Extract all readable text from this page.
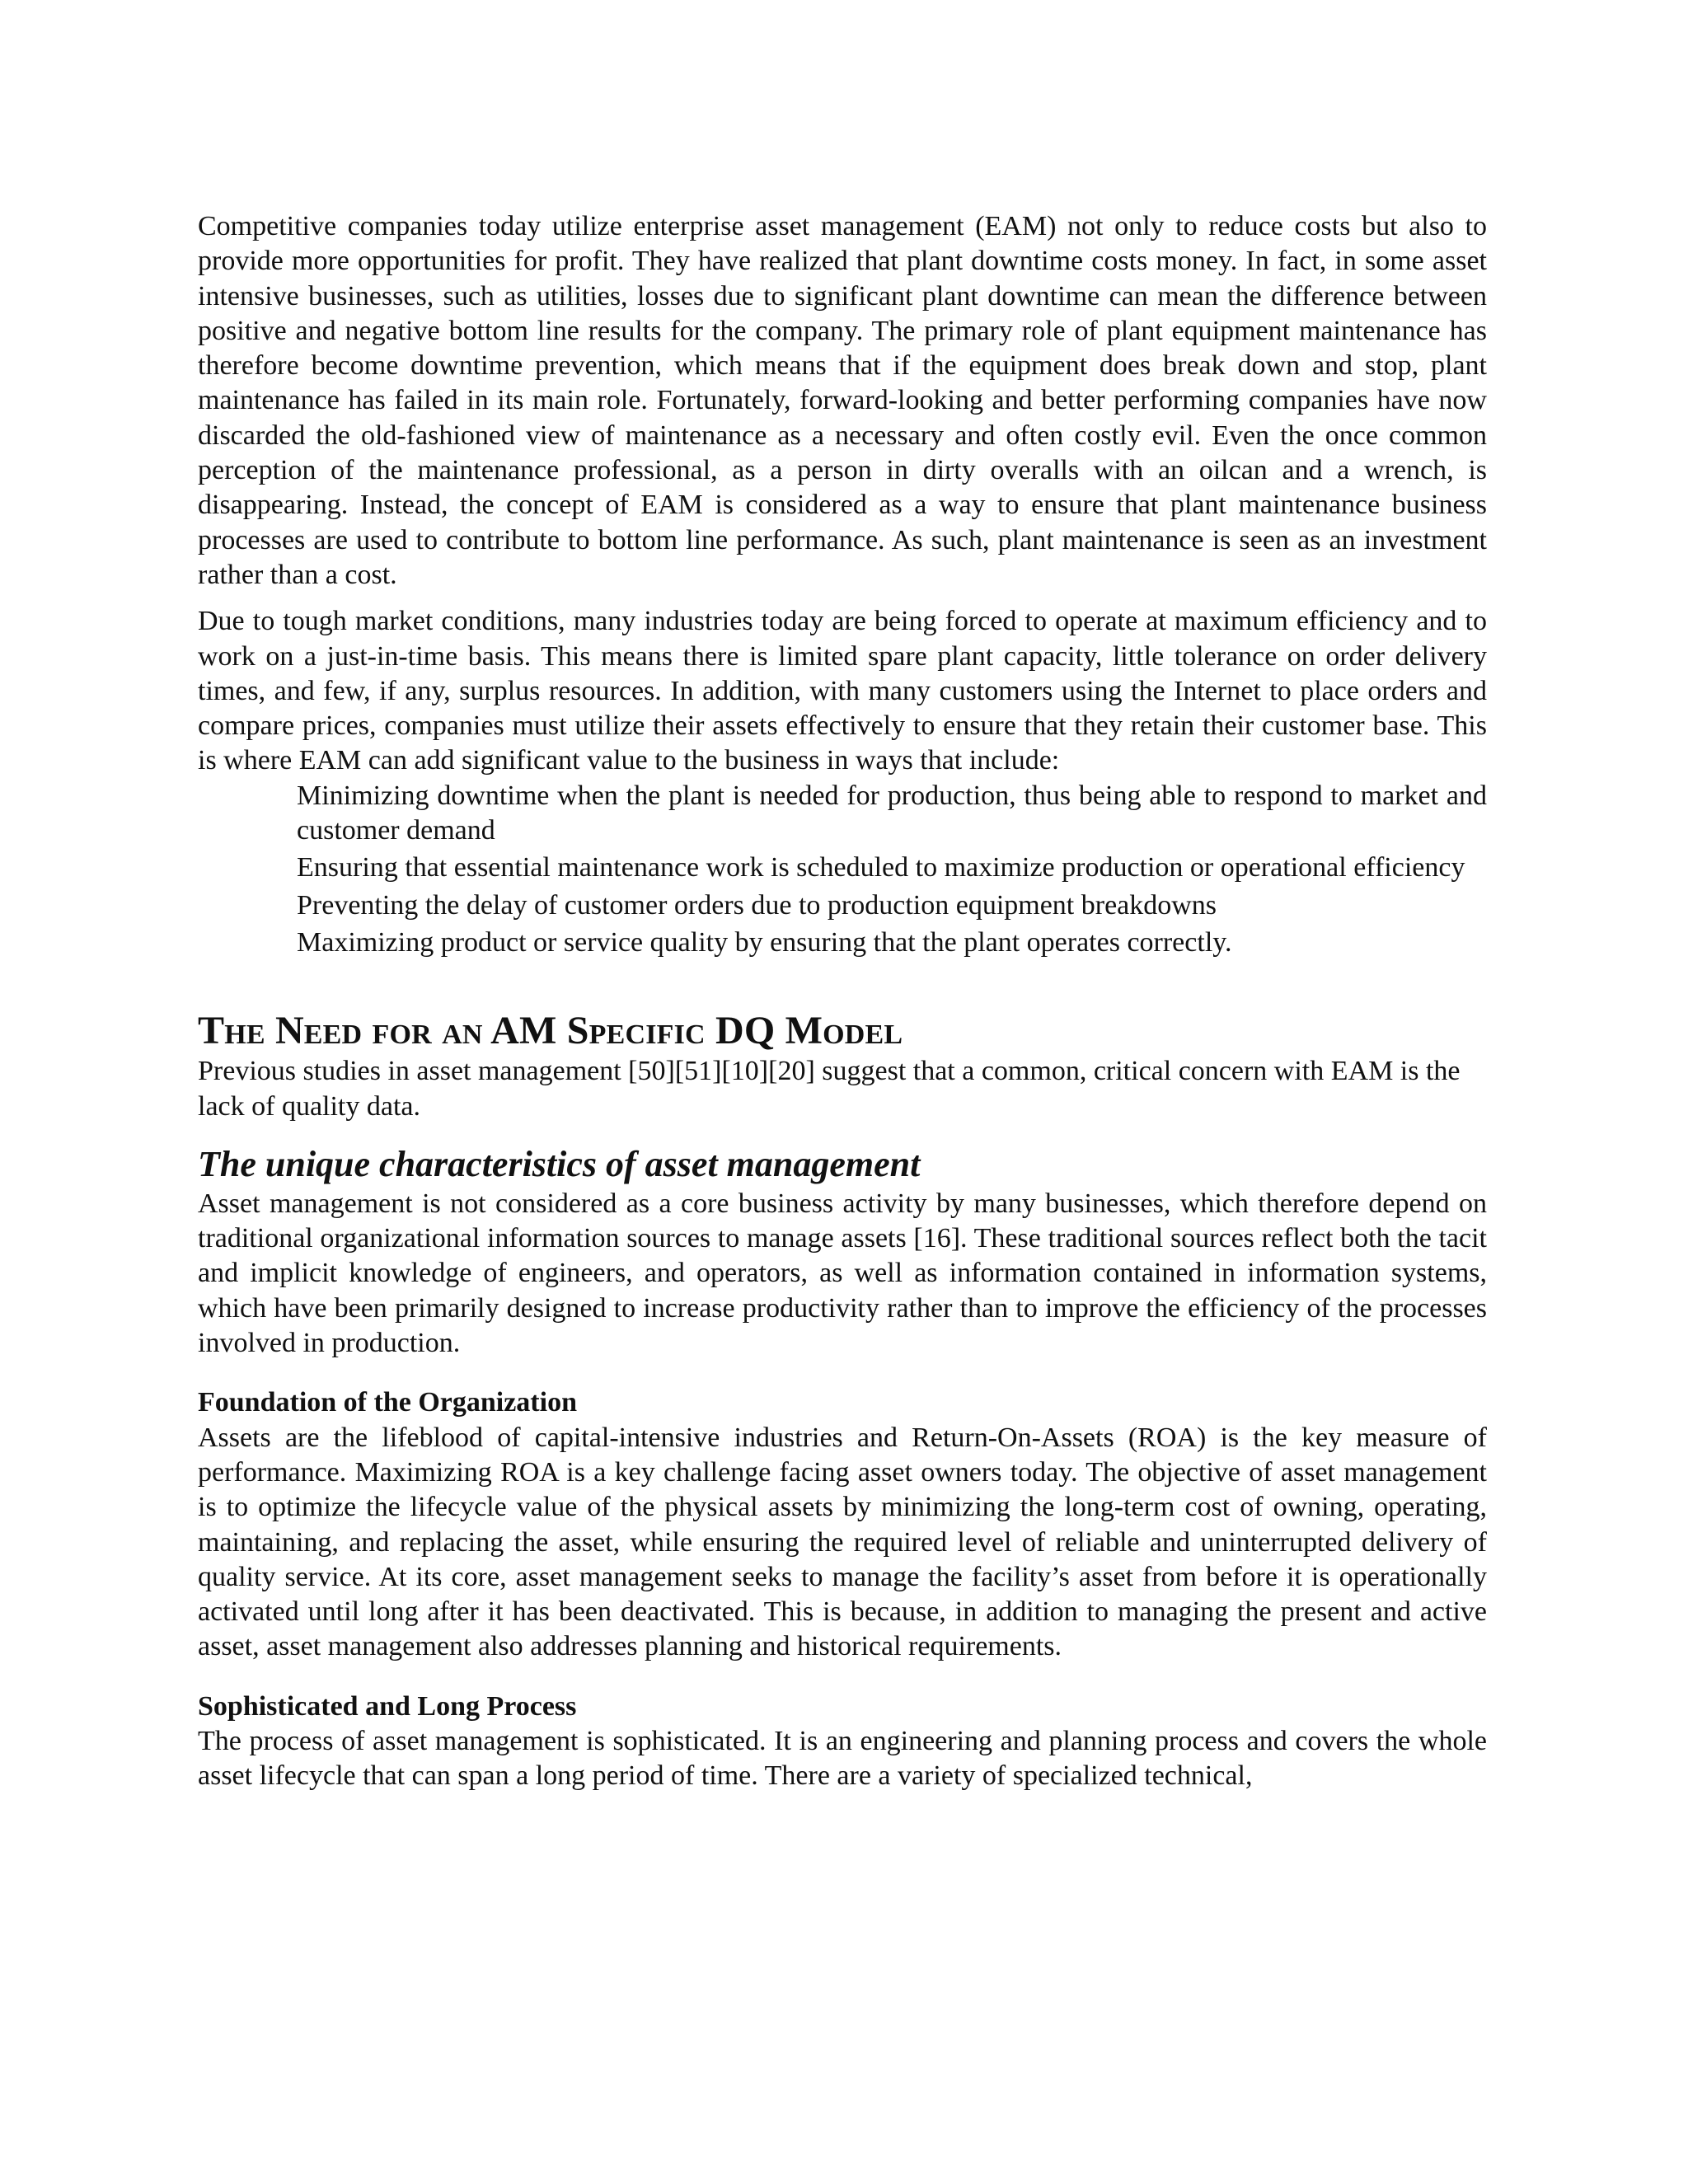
Competitive companies today utilize enterprise asset management (EAM) not only to reduce costs but also to provide more opportunities for profit. They have realized that plant downtime costs money. In fact, in some asset intensive businesses, such as utilities, losses due to significant plant downtime can mean the difference between positive and negative bottom line results for the company. The primary role of plant equipment maintenance has therefore become downtime prevention, which means that if the equipment does break down and stop, plant maintenance has failed in its main role. Fortunately, forward-looking and better performing companies have now discarded the old-fashioned view of maintenance as a necessary and often costly evil. Even the once common perception of the maintenance professional, as a person in dirty overalls with an oilcan and a wrench, is disappearing. Instead, the concept of EAM is considered as a way to ensure that plant maintenance business processes are used to contribute to bottom line performance. As such, plant maintenance is seen as an investment rather than a cost.

Due to tough market conditions, many industries today are being forced to operate at maximum efficiency and to work on a just-in-time basis. This means there is limited spare plant capacity, little tolerance on order delivery times, and few, if any, surplus resources. In addition, with many customers using the Internet to place orders and compare prices, companies must utilize their assets effectively to ensure that they retain their customer base. This is where EAM can add significant value to the business in ways that include:

Minimizing downtime when the plant is needed for production, thus being able to respond to market and customer demand
Ensuring that essential maintenance work is scheduled to maximize production or operational efficiency
Preventing the delay of customer orders due to production equipment breakdowns
Maximizing product or service quality by ensuring that the plant operates correctly.
The Need for an AM Specific DQ Model

Previous studies in asset management [50][51][10][20] suggest that a common, critical concern with EAM is the lack of quality data.

The unique characteristics of asset management

Asset management is not considered as a core business activity by many businesses, which therefore depend on traditional organizational information sources to manage assets [16]. These traditional sources reflect both the tacit and implicit knowledge of engineers, and operators, as well as information contained in information systems, which have been primarily designed to increase productivity rather than to improve the efficiency of the processes involved in production.

Foundation of the Organization

Assets are the lifeblood of capital-intensive industries and Return-On-Assets (ROA) is the key measure of performance. Maximizing ROA is a key challenge facing asset owners today. The objective of asset management is to optimize the lifecycle value of the physical assets by minimizing the long-term cost of owning, operating, maintaining, and replacing the asset, while ensuring the required level of reliable and uninterrupted delivery of quality service. At its core, asset management seeks to manage the facility’s asset from before it is operationally activated until long after it has been deactivated. This is because, in addition to managing the present and active asset, asset management also addresses planning and historical requirements.

Sophisticated and Long Process

The process of asset management is sophisticated. It is an engineering and planning process and covers the whole asset lifecycle that can span a long period of time. There are a variety of specialized technical,
